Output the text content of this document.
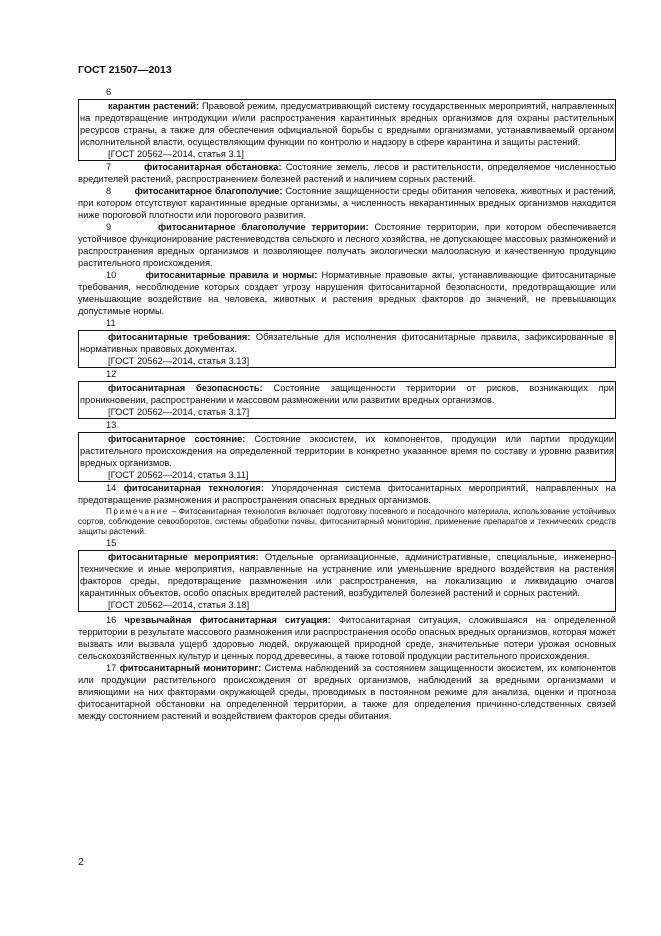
ГОСТ 21507—2013
6

карантин растений: Правовой режим, предусматривающий систему государственных мероприятий, направленных на предотвращение интродукции и/или распространения карантинных вредных организмов для охраны растительных ресурсов страны, а также для обеспечения официальной борьбы с вредными организмами, устанавливаемый органом исполнительной власти, осуществляющим функции по контролю и надзору в сфере карантина и защиты растений.

[ГОСТ 20562—2014, статья 3.1]

7	фитосанитарная обстановка: Состояние земель, лесов и растительности, определяемое численностью вредителей растений, распространением болезней растений и наличием сорных растений.

8	фитосанитарное благополучие: Состояние защищенности среды обитания человека, животных и растений, при котором отсутствуют карантинные вредные организмы, а численность некарантинных вредных организмов находится ниже пороговой плотности или порогового развития.

9	фитосанитарное благополучие территории: Состояние территории, при котором обеспечивается устойчивое функционирование растениеводства сельского и лесного хозяйства, не допускающее массовых размножений и распространения вредных организмов и позволяющее получать экологически малоопасную и качественную продукцию растительного происхождения.

10	фитосанитарные правила и нормы: Нормативные правовые акты, устанавливающие фитосанитарные требования, несоблюдение которых создает угрозу нарушения фитосанитарной безопасности, предотвращающие или уменьшающие воздействие на человека, животных и растения вредных факторов до значений, не превышающих допустимые нормы.

11

фитосанитарные требования: Обязательные для исполнения фитосанитарные правила, зафиксированные в нормативных правовых документах.

[ГОСТ 20562—2014, статья 3.13]
12

фитосанитарная безопасность: Состояние защищенности территории от рисков, возникающих при проникновении, распространении и массовом размножении или развитии вредных организмов.

[ГОСТ 20562—2014, статья 3.17]
13

фитосанитарное состояние: Состояние экосистем, их компонентов, продукции или партии продукции растительного происхождения на определенной территории в конкретно указанное время по составу и уровню развития вредных организмов.

[ГОСТ 20562—2014, статья 3.11]

14 фитосанитарная технология: Упорядоченная система фитосанитарных мероприятий, направленных на предотвращение размножения и распространения опасных вредных организмов.

Примечание – Фитосанитарная технология включает подготовку посевного и посадочного материала, использование устойчивых сортов, соблюдение севооборотов, системы обработки почвы, фитосанитарный мониторинг, применение препаратов и технических средств защиты растений.

15

фитосанитарные мероприятия: Отдельные организационные, административные, специальные, инженерно-технические и иные мероприятия, направленные на устранение или уменьшение вредного воздействия на растения факторов среды, предотвращение размножения или распространения, на локализацию и ликвидацию очагов карантинных объектов, особо опасных вредителей растений, возбудителей болезней растений и сорных растений.

[ГОСТ 20562—2014, статья 3.18]

16 чрезвычайная фитосанитарная ситуация: Фитосанитарная ситуация, сложившаяся на определенной территории в результате массового размножения или распространения особо опасных вредных организмов, которая может вызвать или вызвала ущерб здоровью людей, окружающей природной среде, значительные потери урожая основных сельскохозяйственных культур и ценных пород древесины, а также готовой продукции растительного происхождения.

17 фитосанитарный мониторинг: Система наблюдений за состоянием защищенности экосистем, их компонентов или продукции растительного происхождения от вредных организмов, наблюдений за вредными организмами и влияющими на них факторами окружающей среды, проводимых в постоянном режиме для анализа, оценки и прогноза фитосанитарной обстановки на определенной территории, а также для определения причинно-следственных связей между состоянием растений и воздействием факторов среды обитания.

2
